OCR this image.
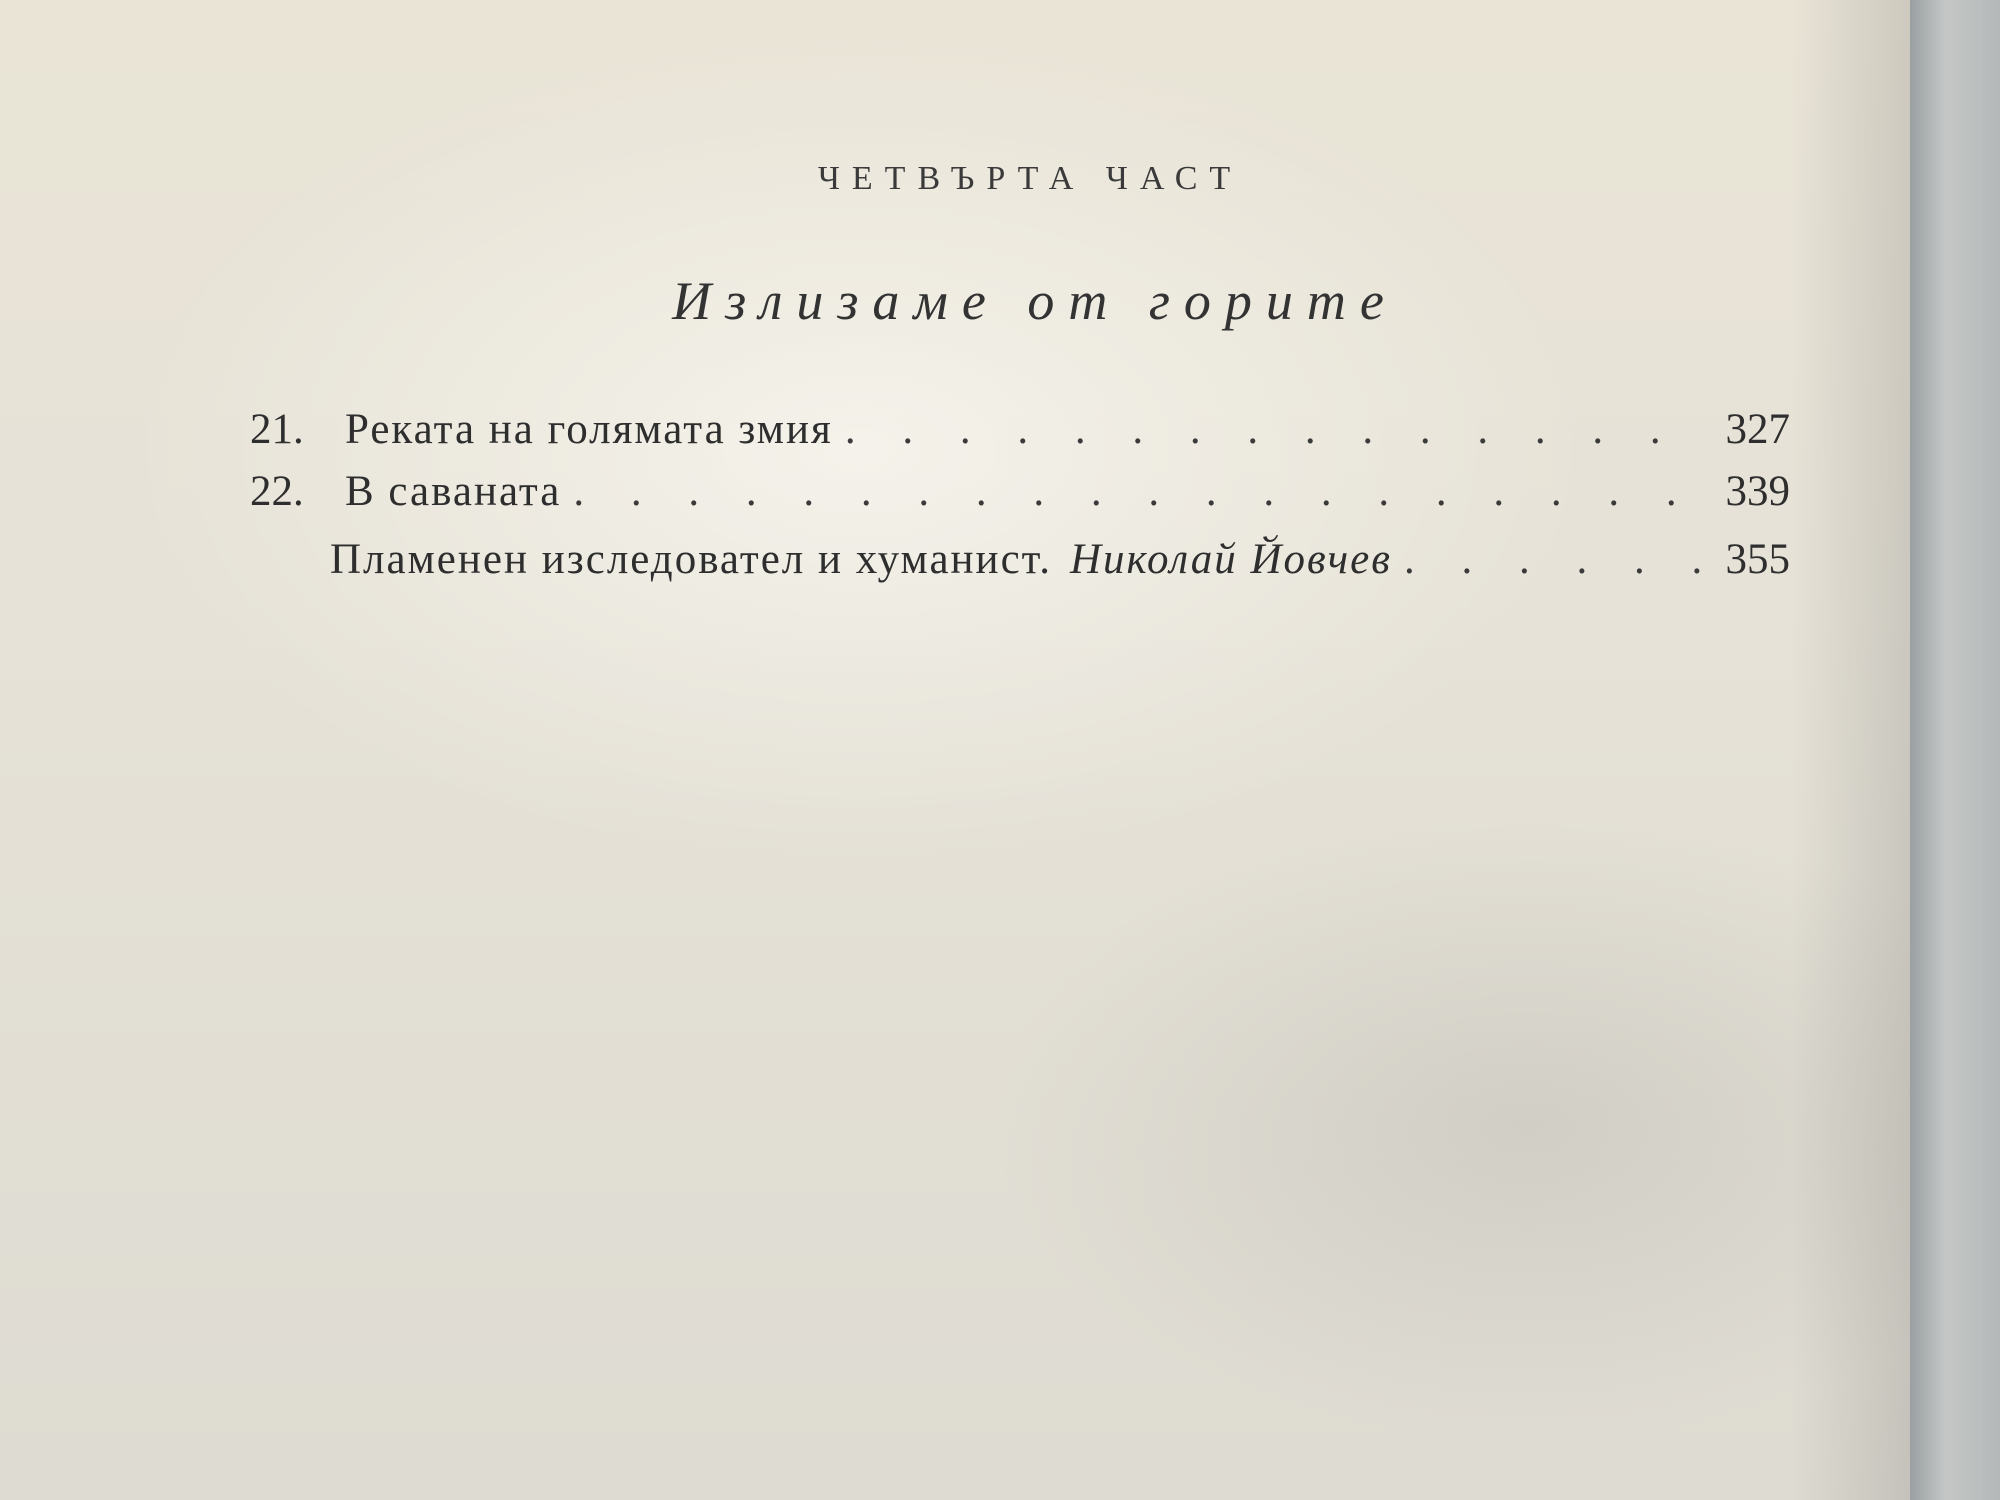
ЧЕТВЪРТА ЧАСТ
Излизаме от горите
21. Реката на голямата змия . . .	327
22. В саваната . . .	339
Пламенен изследовател и хуманист. Николай Йовчев . . .	355
